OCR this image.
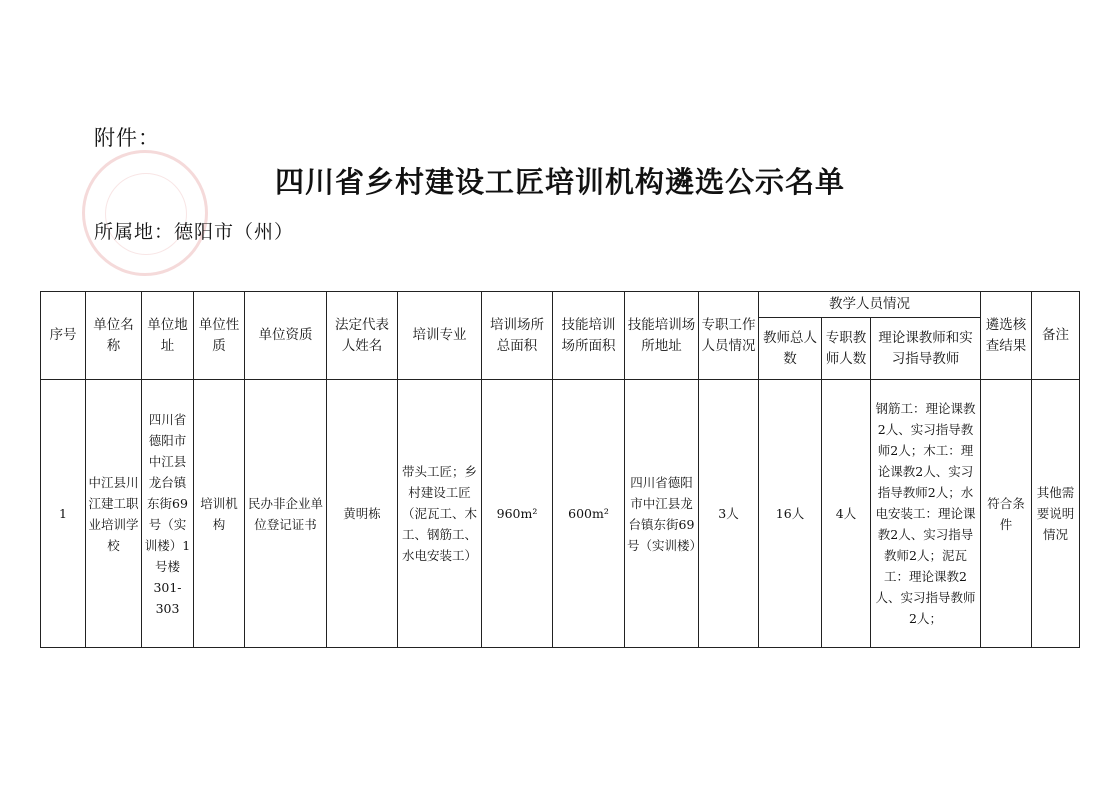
附件：
四川省乡村建设工匠培训机构遴选公示名单
所属地：德阳市（州）
序号	单位名称	单位地址	单位性质	单位资质	法定代表人姓名	培训专业	培训场所总面积	技能培训场所面积	技能培训场所地址	专职工作人员情况	教学人员情况			遴选核查结果	备注
											教师总人数	专职教师人数	理论课教师和实习指导教师		
1	中江县川江建工职业培训学校	四川省德阳市中江县龙台镇东街69号（实训楼）1号楼301-303	培训机构	民办非企业单位登记证书	黄明栋	带头工匠；乡村建设工匠（泥瓦工、木工、钢筋工、水电安装工）	960m²	600m²	四川省德阳市中江县龙台镇东街69号（实训楼）	3人	16人	4人	钢筋工：理论课教2人、实习指导教师2人；木工：理论课教2人、实习指导教师2人；水电安装工：理论课教2人、实习指导教师2人；泥瓦工：理论课教2人、实习指导教师2人；	符合条件	其他需要说明情况
